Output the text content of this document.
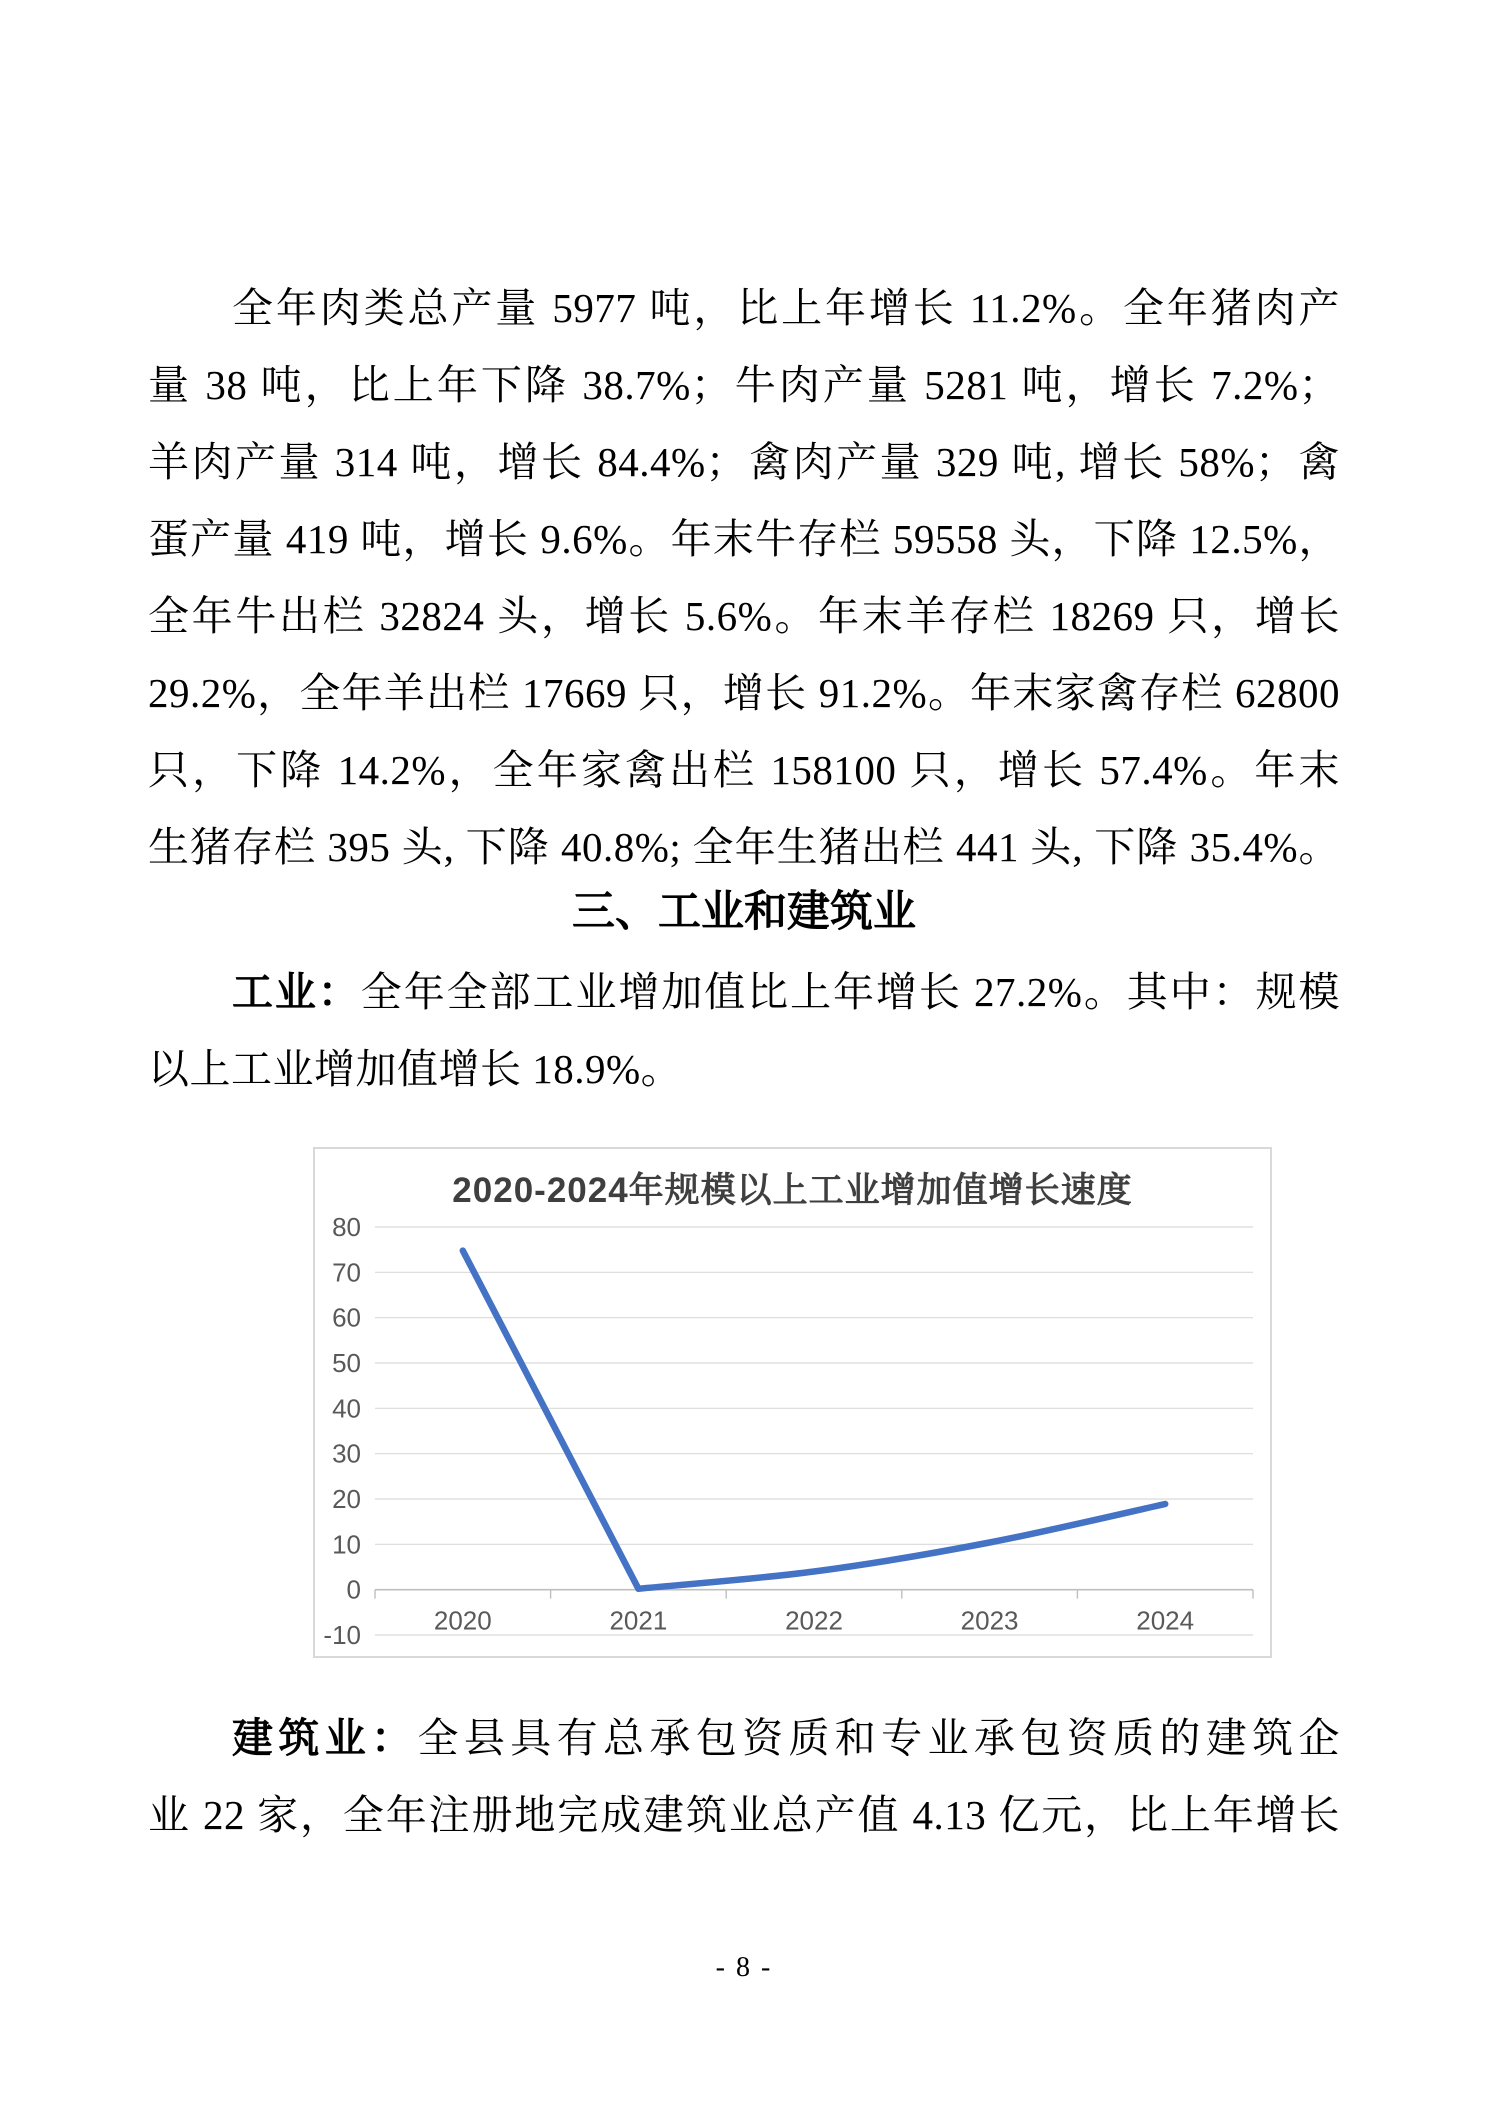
全年肉类总产量 5977 吨，比上年增长 11.2%。全年猪肉产
量 38 吨，比上年下降 38.7%；牛肉产量 5281 吨，增长 7.2%；
羊肉产量 314 吨，增长 84.4%；禽肉产量 329 吨, 增长 58%；禽
蛋产量 419 吨，增长 9.6%。年末牛存栏 59558 头，下降 12.5%，
全年牛出栏 32824 头，增长 5.6%。年末羊存栏 18269 只，增长
29.2%，全年羊出栏 17669 只，增长 91.2%。年末家禽存栏 62800
只，下降 14.2%，全年家禽出栏 158100 只，增长 57.4%。年末
生猪存栏 395 头, 下降 40.8%; 全年生猪出栏 441 头, 下降 35.4%。
三、工业和建筑业
工业：全年全部工业增加值比上年增长 27.2%。其中：规模
以上工业增加值增长 18.9%。
2020-2024年规模以上工业增加值增长速度
80
70
60
50
40
30
20
10
0
-10	2020	2021	2022	2023	2024
建筑业：全县具有总承包资质和专业承包资质的建筑企
业 22 家，全年注册地完成建筑业总产值 4.13 亿元，比上年增长
- 8 -
